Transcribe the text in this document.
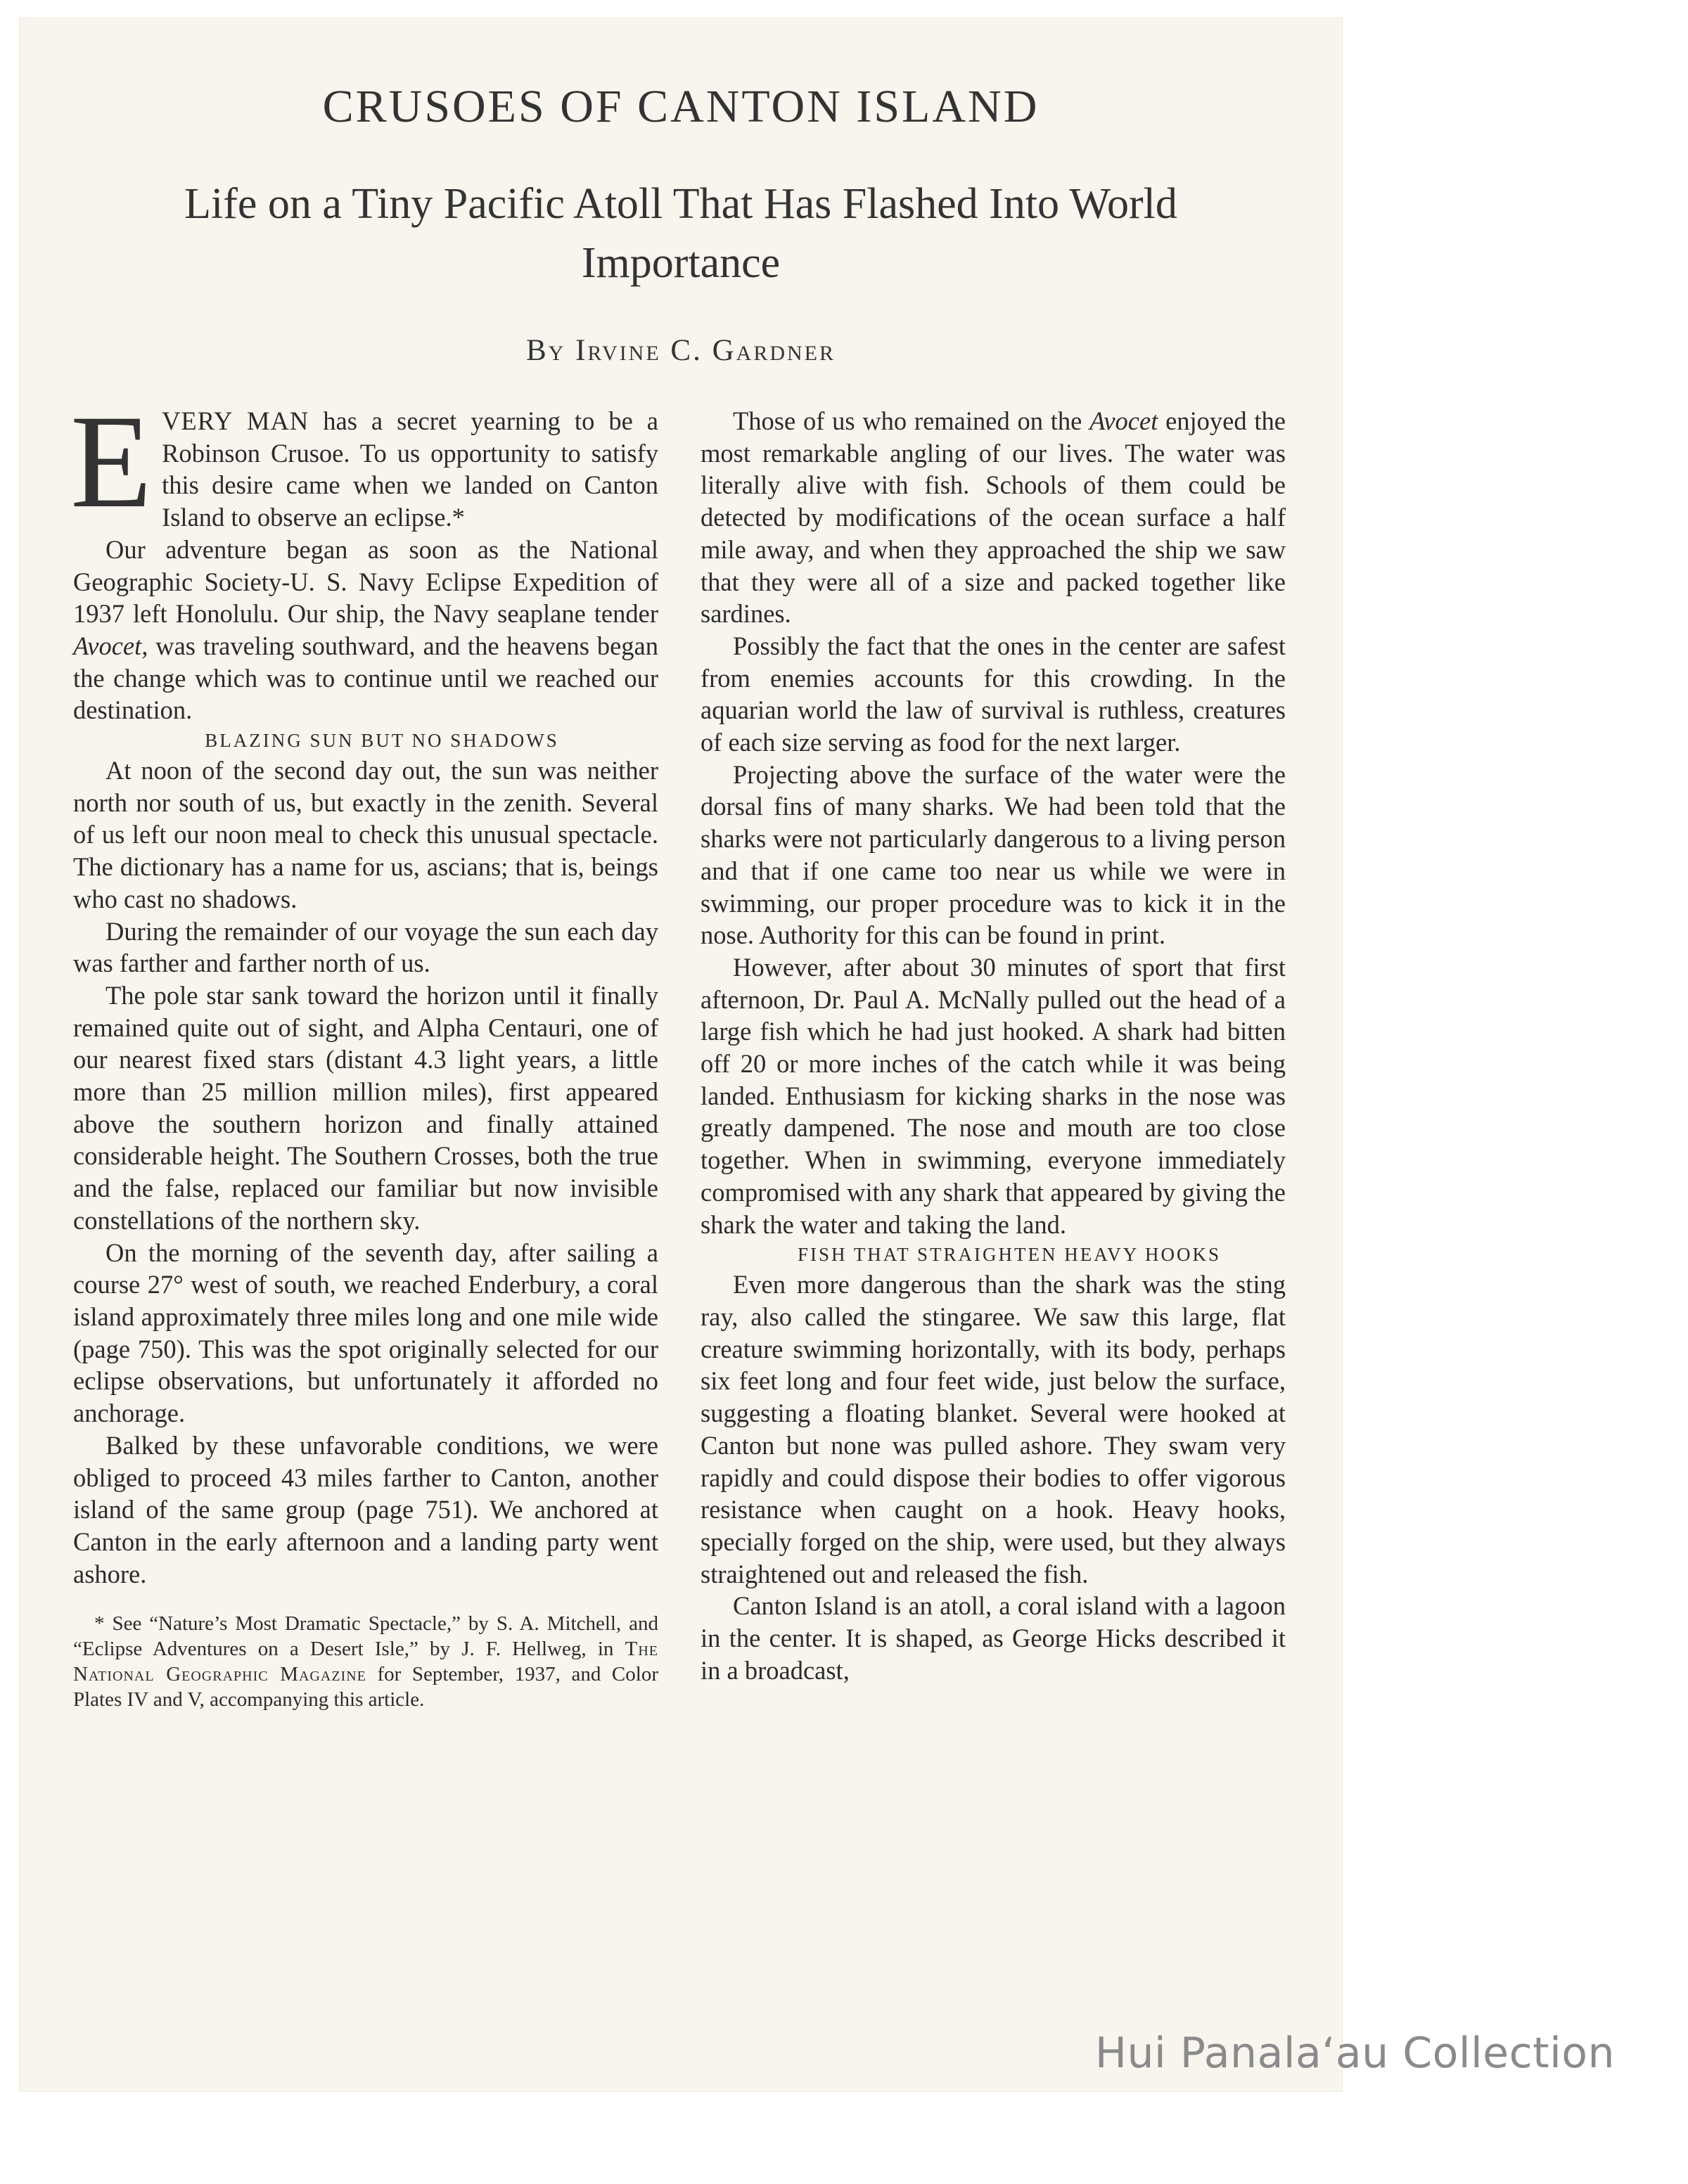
CRUSOES OF CANTON ISLAND
Life on a Tiny Pacific Atoll That Has Flashed Into World Importance
By Irvine C. Gardner

EVERY MAN has a secret yearning to be a Robinson Crusoe. To us opportunity to satisfy this desire came when we landed on Canton Island to observe an eclipse.*

Our adventure began as soon as the National Geographic Society-U. S. Navy Eclipse Expedition of 1937 left Honolulu. Our ship, the Navy seaplane tender Avocet, was traveling southward, and the heavens began the change which was to continue until we reached our destination.

BLAZING SUN BUT NO SHADOWS

At noon of the second day out, the sun was neither north nor south of us, but exactly in the zenith. Several of us left our noon meal to check this unusual spectacle. The dictionary has a name for us, ascians; that is, beings who cast no shadows.

During the remainder of our voyage the sun each day was farther and farther north of us.

The pole star sank toward the horizon until it finally remained quite out of sight, and Alpha Centauri, one of our nearest fixed stars (distant 4.3 light years, a little more than 25 million million miles), first appeared above the southern horizon and finally attained considerable height. The Southern Crosses, both the true and the false, replaced our familiar but now invisible constellations of the northern sky.

On the morning of the seventh day, after sailing a course 27° west of south, we reached Enderbury, a coral island approximately three miles long and one mile wide (page 750). This was the spot originally selected for our eclipse observations, but unfortunately it afforded no anchorage.

Balked by these unfavorable conditions, we were obliged to proceed 43 miles farther to Canton, another island of the same group (page 751). We anchored at Canton in the early afternoon and a landing party went ashore.

* See “Nature’s Most Dramatic Spectacle,” by S. A. Mitchell, and “Eclipse Adventures on a Desert Isle,” by J. F. Hellweg, in The National Geographic Magazine for September, 1937, and Color Plates IV and V, accompanying this article.

Those of us who remained on the Avocet enjoyed the most remarkable angling of our lives. The water was literally alive with fish. Schools of them could be detected by modifications of the ocean surface a half mile away, and when they approached the ship we saw that they were all of a size and packed together like sardines.

Possibly the fact that the ones in the center are safest from enemies accounts for this crowding. In the aquarian world the law of survival is ruthless, creatures of each size serving as food for the next larger.

Projecting above the surface of the water were the dorsal fins of many sharks. We had been told that the sharks were not particularly dangerous to a living person and that if one came too near us while we were in swimming, our proper procedure was to kick it in the nose. Authority for this can be found in print.

However, after about 30 minutes of sport that first afternoon, Dr. Paul A. McNally pulled out the head of a large fish which he had just hooked. A shark had bitten off 20 or more inches of the catch while it was being landed. Enthusiasm for kicking sharks in the nose was greatly dampened. The nose and mouth are too close together. When in swimming, everyone immediately compromised with any shark that appeared by giving the shark the water and taking the land.

FISH THAT STRAIGHTEN HEAVY HOOKS

Even more dangerous than the shark was the sting ray, also called the stingaree. We saw this large, flat creature swimming horizontally, with its body, perhaps six feet long and four feet wide, just below the surface, suggesting a floating blanket. Several were hooked at Canton but none was pulled ashore. They swam very rapidly and could dispose their bodies to offer vigorous resistance when caught on a hook. Heavy hooks, specially forged on the ship, were used, but they always straightened out and released the fish.

Canton Island is an atoll, a coral island with a lagoon in the center. It is shaped, as George Hicks described it in a broadcast,

Hui Panala‘au Collection
